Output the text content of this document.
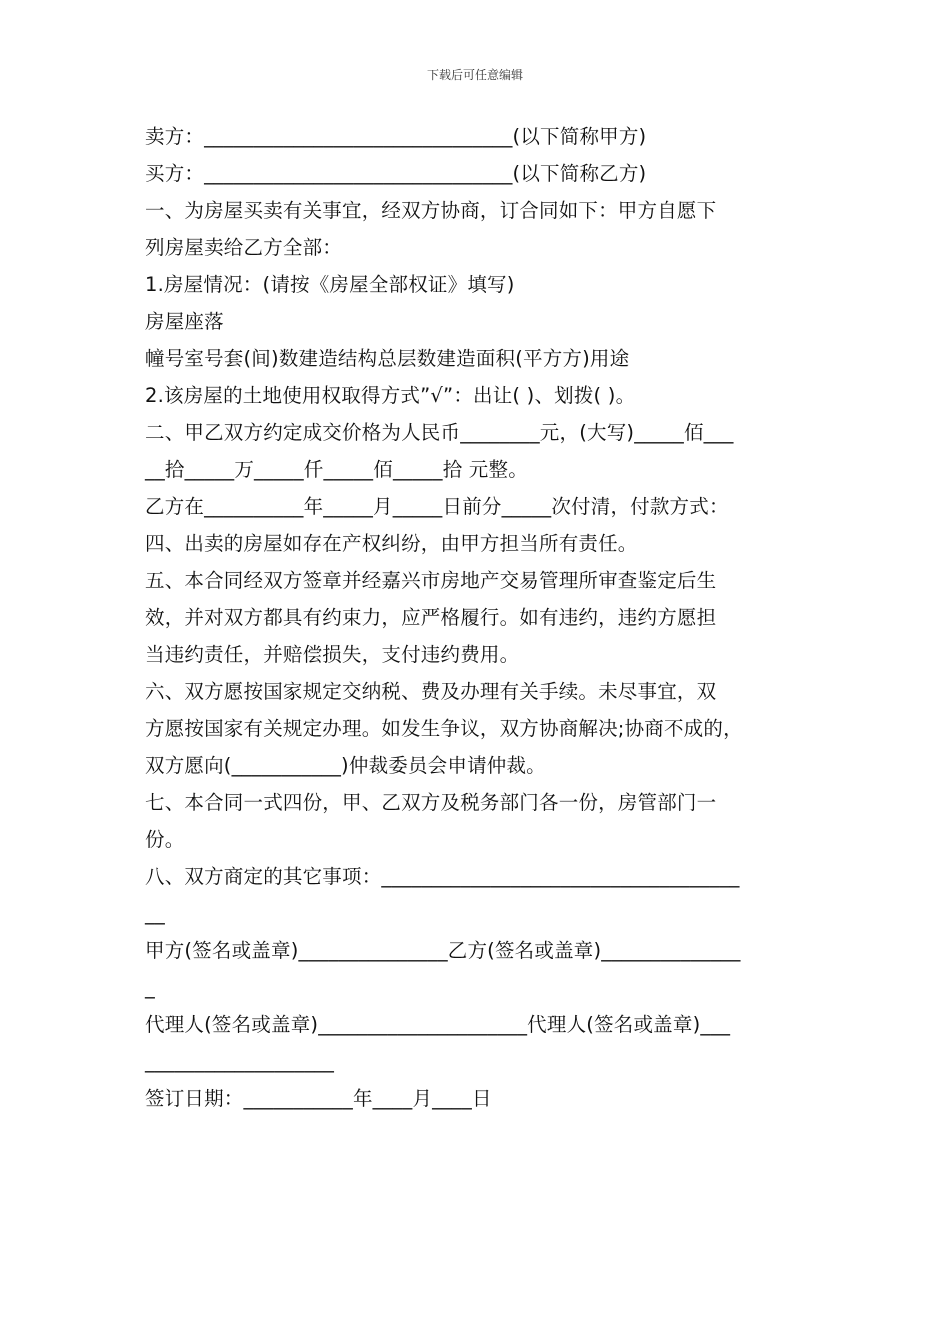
下载后可任意编辑
卖方：_______________________________(以下简称甲方)
买方：_______________________________(以下简称乙方)
一、为房屋买卖有关事宜，经双方协商，订合同如下：甲方自愿下
列房屋卖给乙方全部：
1.房屋情况：(请按《房屋全部权证》填写)
房屋座落
幢号室号套(间)数建造结构总层数建造面积(平方方)用途
2.该房屋的土地使用权取得方式”√”：出让( )、划拨( )。
二、甲乙双方约定成交价格为人民币________元，(大写)_____佰___
__拾_____万_____仟_____佰_____拾 元整。
乙方在__________年_____月_____日前分_____次付清，付款方式：
四、出卖的房屋如存在产权纠纷，由甲方担当所有责任。
五、本合同经双方签章并经嘉兴市房地产交易管理所审查鉴定后生
效，并对双方都具有约束力，应严格履行。如有违约，违约方愿担
当违约责任，并赔偿损失，支付违约费用。
六、双方愿按国家规定交纳税、费及办理有关手续。未尽事宜，双
方愿按国家有关规定办理。如发生争议，双方协商解决;协商不成的，
双方愿向(___________)仲裁委员会申请仲裁。
七、本合同一式四份，甲、乙双方及税务部门各一份，房管部门一
份。
八、双方商定的其它事项：____________________________________
__
甲方(签名或盖章)_______________乙方(签名或盖章)______________
_
代理人(签名或盖章)_____________________代理人(签名或盖章)___
___________________
签订日期：___________年____月____日
